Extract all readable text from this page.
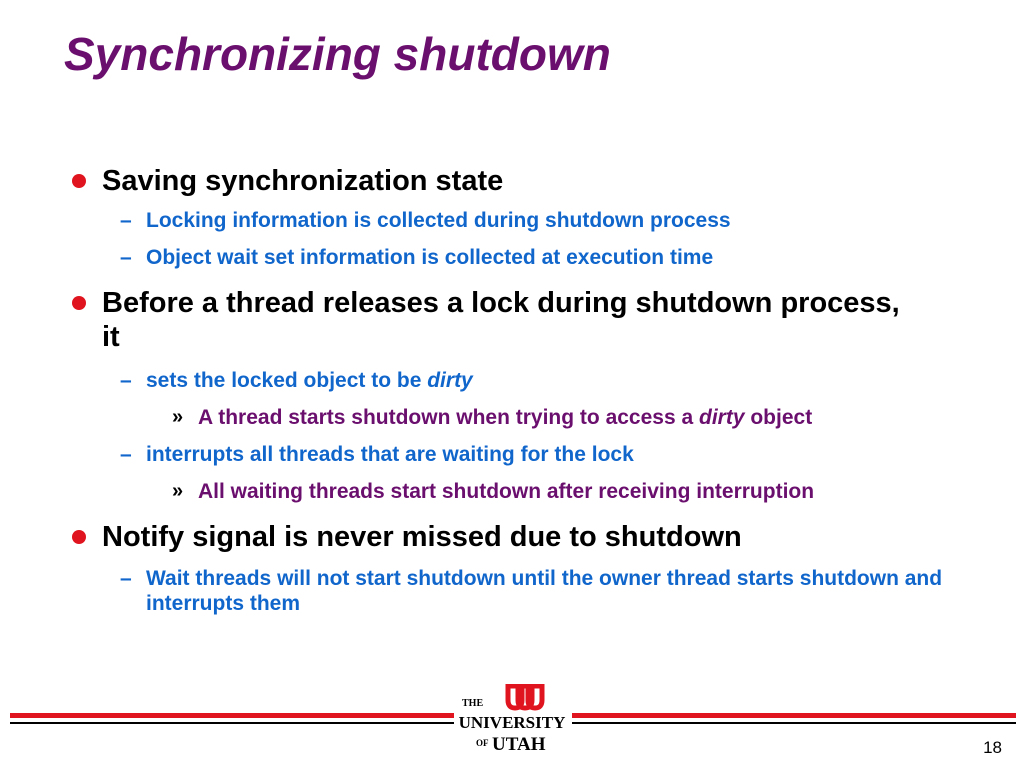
Synchronizing shutdown
Saving synchronization state
– Locking information is collected during shutdown process
– Object wait set information is collected at execution time
Before a thread releases a lock during shutdown process, it
– sets the locked object to be dirty
» A thread starts shutdown when trying to access a dirty object
– interrupts all threads that are waiting for the lock
» All waiting threads start shutdown after receiving interruption
Notify signal is never missed due to shutdown
– Wait threads will not start shutdown until the owner thread starts shutdown and interrupts them
THE
UNIVERSITY
OF UTAH	18
